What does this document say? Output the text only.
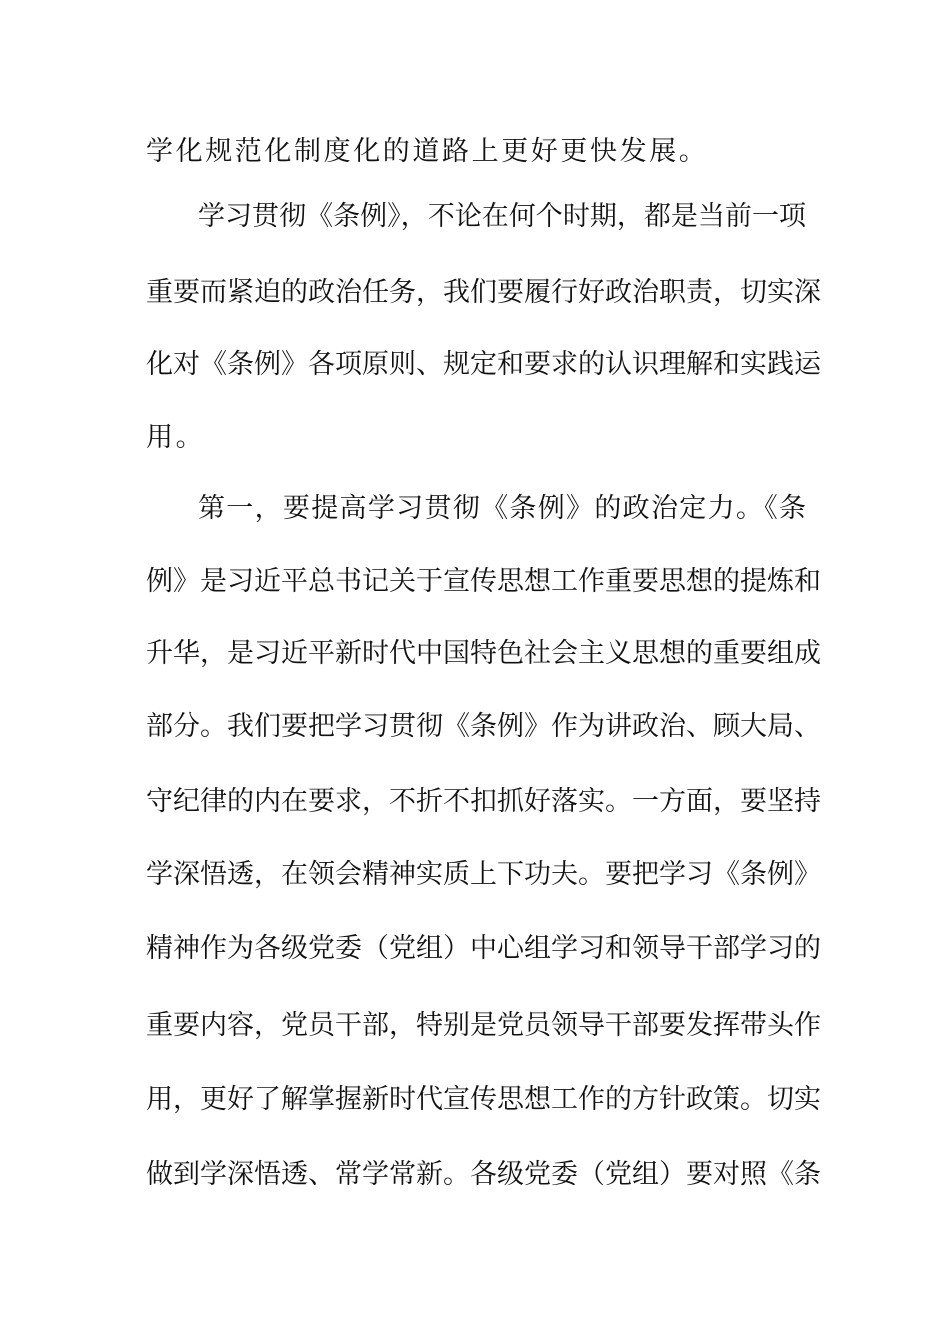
学化规范化制度化的道路上更好更快发展。
学习贯彻《条例》，不论在何个时期，都是当前一项
重要而紧迫的政治任务，我们要履行好政治职责，切实深
化对《条例》各项原则、规定和要求的认识理解和实践运
用。
第一，要提高学习贯彻《条例》的政治定力。《条
例》是习近平总书记关于宣传思想工作重要思想的提炼和
升华，是习近平新时代中国特色社会主义思想的重要组成
部分。我们要把学习贯彻《条例》作为讲政治、顾大局、
守纪律的内在要求，不折不扣抓好落实。一方面，要坚持
学深悟透，在领会精神实质上下功夫。要把学习《条例》
精神作为各级党委（党组）中心组学习和领导干部学习的
重要内容，党员干部，特别是党员领导干部要发挥带头作
用，更好了解掌握新时代宣传思想工作的方针政策。切实
做到学深悟透、常学常新。各级党委（党组）要对照《条
